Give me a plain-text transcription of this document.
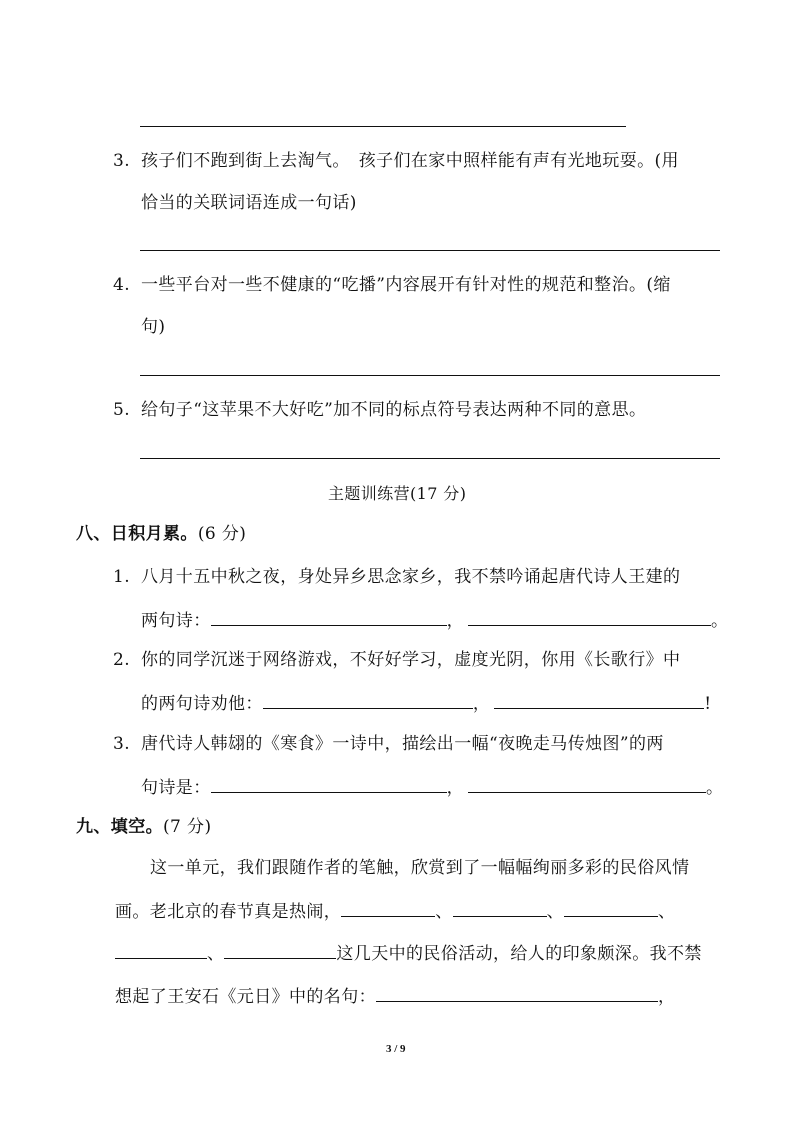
3. 孩子们不跑到街上去淘气。　孩子们在家中照样能有声有光地玩耍。(用
恰当的关联词语连成一句话)
4. 一些平台对一些不健康的“吃播”内容展开有针对性的规范和整治。(缩
句)
5. 给句子“这苹果不大好吃”加不同的标点符号表达两种不同的意思。
主题训练营(17 分)
八、日积月累。(6 分)
1. 八月十五中秋之夜，身处异乡思念家乡，我不禁吟诵起唐代诗人王建的
两句诗：	，	。
2. 你的同学沉迷于网络游戏，不好好学习，虚度光阴，你用《长歌行》中
的两句诗劝他：	，	!
3. 唐代诗人韩翃的《寒食》一诗中，描绘出一幅“夜晚走马传烛图”的两
句诗是：	，	。
九、填空。(7 分)
这一单元，我们跟随作者的笔触，欣赏到了一幅幅绚丽多彩的民俗风情
画。老北京的春节真是热闹，	、	、	、
、	这几天中的民俗活动，给人的印象颇深。我不禁
想起了王安石《元日》中的名句：	，
3 / 9
